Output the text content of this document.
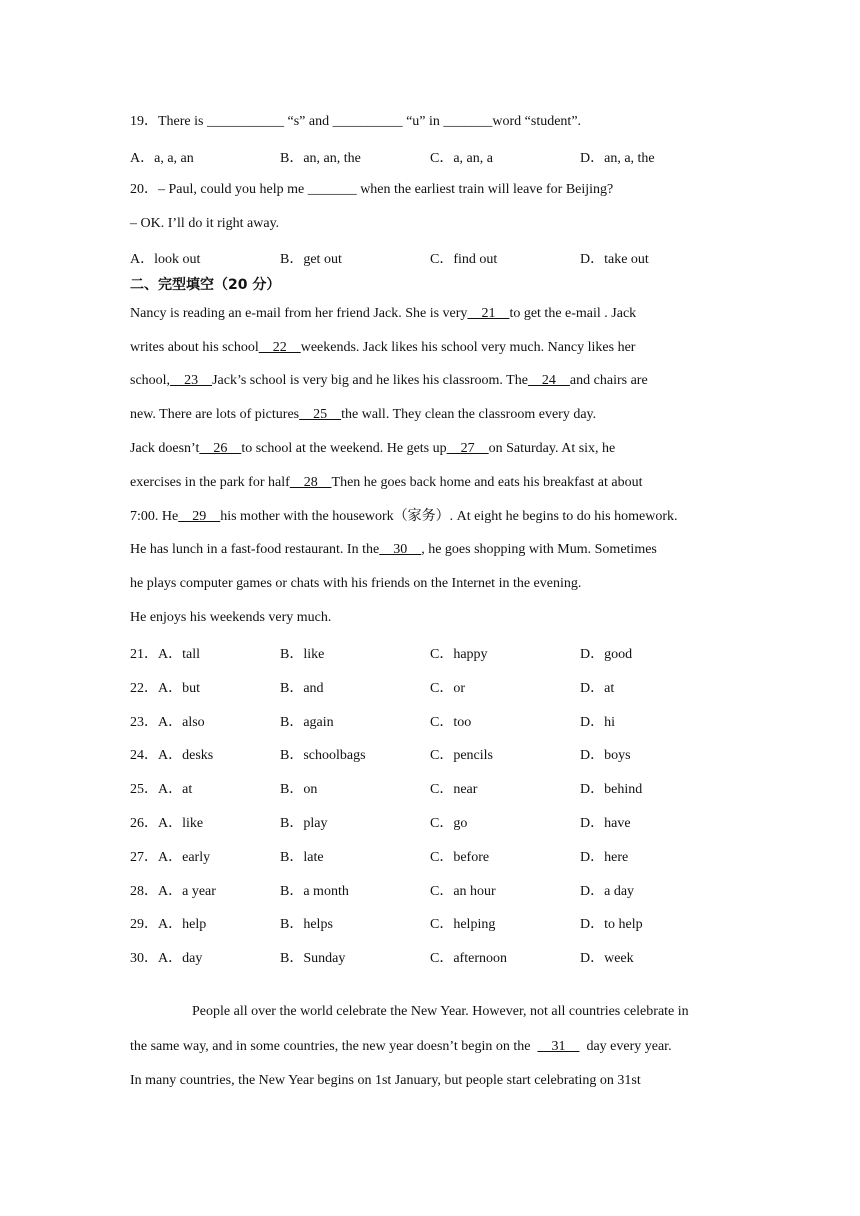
19．There is ___________ “s” and __________ “u” in _______word “student”.
A．a, a, an	B．an, an, the	C．a, an, a	D．an, a, the
20．– Paul, could you help me _______ when the earliest train will leave for Beijing?
– OK. I’ll do it right away.
A．look out	B．get out	C．find out	D．take out
二、完型填空（20 分）
Nancy is reading an e-mail from her friend Jack. She is very    21    to get the e-mail . Jack
writes about his school    22    weekends. Jack likes his school very much. Nancy likes her
school,    23    Jack’s school is very big and he likes his classroom. The    24    and chairs are
new. There are lots of pictures    25    the wall. They clean the classroom every day.
Jack doesn’t    26    to school at the weekend. He gets up    27    on Saturday. At six, he
exercises in the park for half    28    Then he goes back home and eats his breakfast at about
7:00. He    29    his mother with the housework（家务）. At eight he begins to do his homework.
He has lunch in a fast-food restaurant. In the    30    , he goes shopping with Mum. Sometimes
he plays computer games or chats with his friends on the Internet in the evening.
He enjoys his weekends very much.
21．A．tall	B．like	C．happy	D．good
22．A．but	B．and	C．or	D．at
23．A．also	B．again	C．too	D．hi
24．A．desks	B．schoolbags	C．pencils	D．boys
25．A．at	B．on	C．near	D．behind
26．A．like	B．play	C．go	D．have
27．A．early	B．late	C．before	D．here
28．A．a year	B．a month	C．an hour	D．a day
29．A．help	B．helps	C．helping	D．to help
30．A．day	B．Sunday	C．afternoon	D．week
People all over the world celebrate the New Year. However, not all countries celebrate in
the same way, and in some countries, the new year doesn’t begin on the      31      day every year.
In many countries, the New Year begins on 1st January, but people start celebrating on 31st
